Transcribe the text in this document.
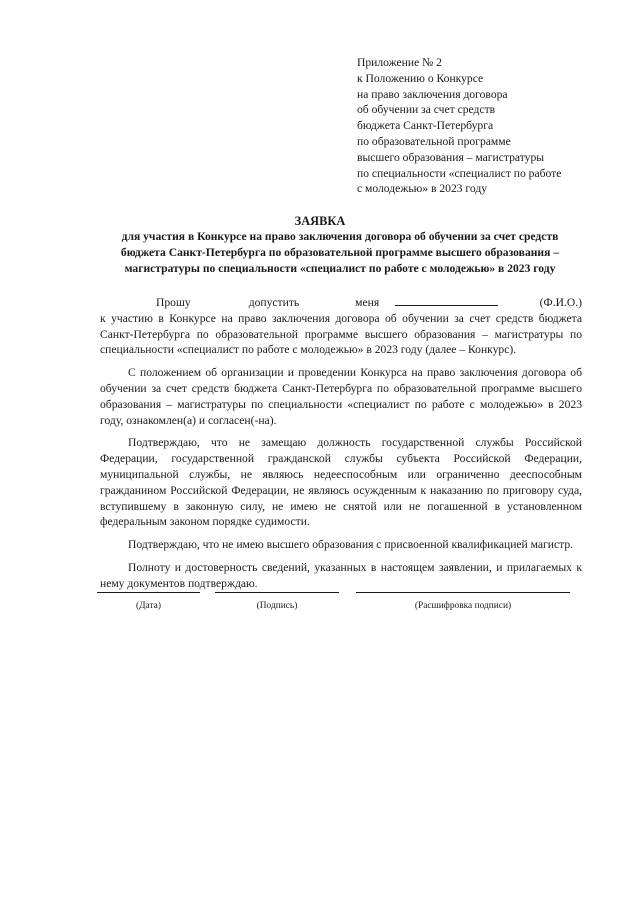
Приложение № 2
к Положению о Конкурсе
на право заключения договора
об обучении за счет средств
бюджета Санкт-Петербурга
по образовательной программе
высшего образования – магистратуры
по специальности «специалист по работе
с молодежью» в 2023 году
ЗАЯВКА
для участия в Конкурсе на право заключения договора об обучении за счет средств
бюджета Санкт-Петербурга по образовательной программе высшего образования –
магистратуры по специальности «специалист по работе с молодежью» в 2023 году

Прошу	допустить	меня	(Ф.И.О.)

к участию в Конкурсе на право заключения договора об обучении за счет средств бюджета Санкт-Петербурга по образовательной программе высшего образования – магистратуры по специальности «специалист по работе с молодежью» в 2023 году (далее – Конкурс).

С положением об организации и проведении Конкурса на право заключения договора об обучении за счет средств бюджета Санкт-Петербурга по образовательной программе высшего образования – магистратуры по специальности «специалист по работе с молодежью» в 2023 году, ознакомлен(а) и согласен(-на).

Подтверждаю, что не замещаю должность государственной службы Российской Федерации, государственной гражданской службы субъекта Российской Федерации, муниципальной службы, не являюсь недееспособным или ограниченно дееспособным гражданином Российской Федерации, не являюсь осужденным к наказанию по приговору суда, вступившему в законную силу, не имею не снятой или не погашенной в установленном федеральным законом порядке судимости.

Подтверждаю, что не имею высшего образования с присвоенной квалификацией магистр.

Полноту и достоверность сведений, указанных в настоящем заявлении, и прилагаемых к нему документов подтверждаю.

(Дата)	(Подпись)	(Расшифровка подписи)
